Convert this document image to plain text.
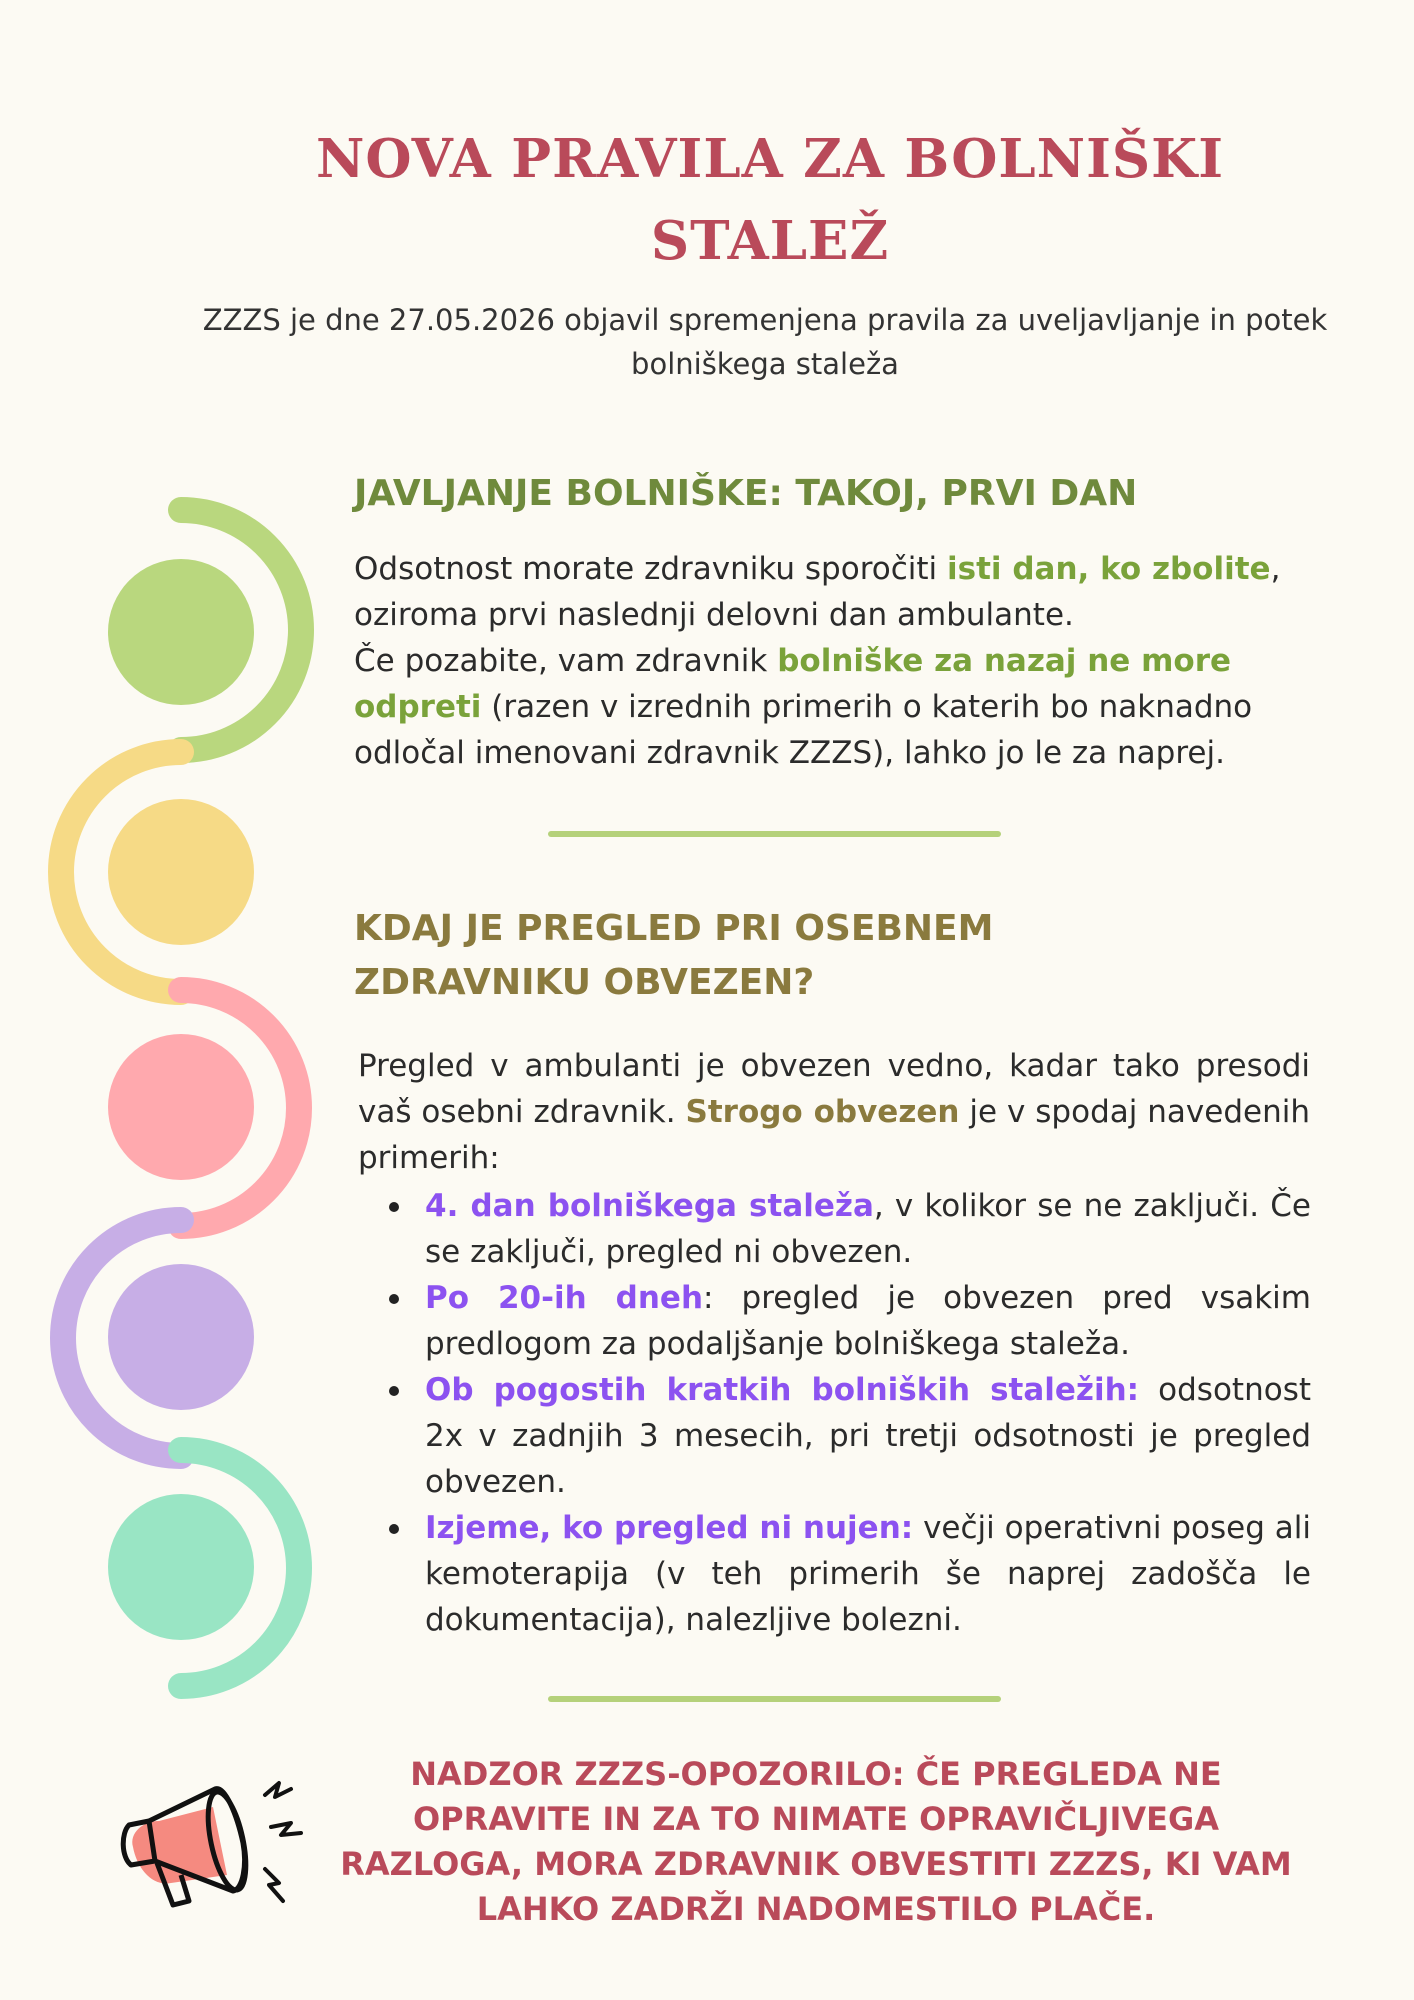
NOVA PRAVILA ZA BOLNIŠKI STALEŽ

ZZZS je dne 27.05.2026 objavil spremenjena pravila za uveljavljanje in potek bolniškega staleža

JAVLJANJE BOLNIŠKE: TAKOJ, PRVI DAN

Odsotnost morate zdravniku sporočiti isti dan, ko zbolite, oziroma prvi naslednji delovni dan ambulante.
Če pozabite, vam zdravnik bolniške za nazaj ne more odpreti (razen v izrednih primerih o katerih bo naknadno odločal imenovani zdravnik ZZZS), lahko jo le za naprej.

KDAJ JE PREGLED PRI OSEBNEM ZDRAVNIKU OBVEZEN?

Pregled v ambulanti je obvezen vedno, kadar tako presodi vaš osebni zdravnik. Strogo obvezen je v spodaj navedenih primerih:

4. dan bolniškega staleža, v kolikor se ne zaključi. Če se zaključi, pregled ni obvezen.
Po 20-ih dneh: pregled je obvezen pred vsakim predlogom za podaljšanje bolniškega staleža.
Ob pogostih kratkih bolniških staležih: odsotnost 2x v zadnjih 3 mesecih, pri tretji odsotnosti je pregled obvezen.
Izjeme, ko pregled ni nujen: večji operativni poseg ali kemoterapija (v teh primerih še naprej zadošča le dokumentacija), nalezljive bolezni.

NADZOR ZZZS-OPOZORILO: ČE PREGLEDA NE OPRAVITE IN ZA TO NIMATE OPRAVIČLJIVEGA RAZLOGA, MORA ZDRAVNIK OBVESTITI ZZZS, KI VAM LAHKO ZADRŽI NADOMESTILO PLAČE.
